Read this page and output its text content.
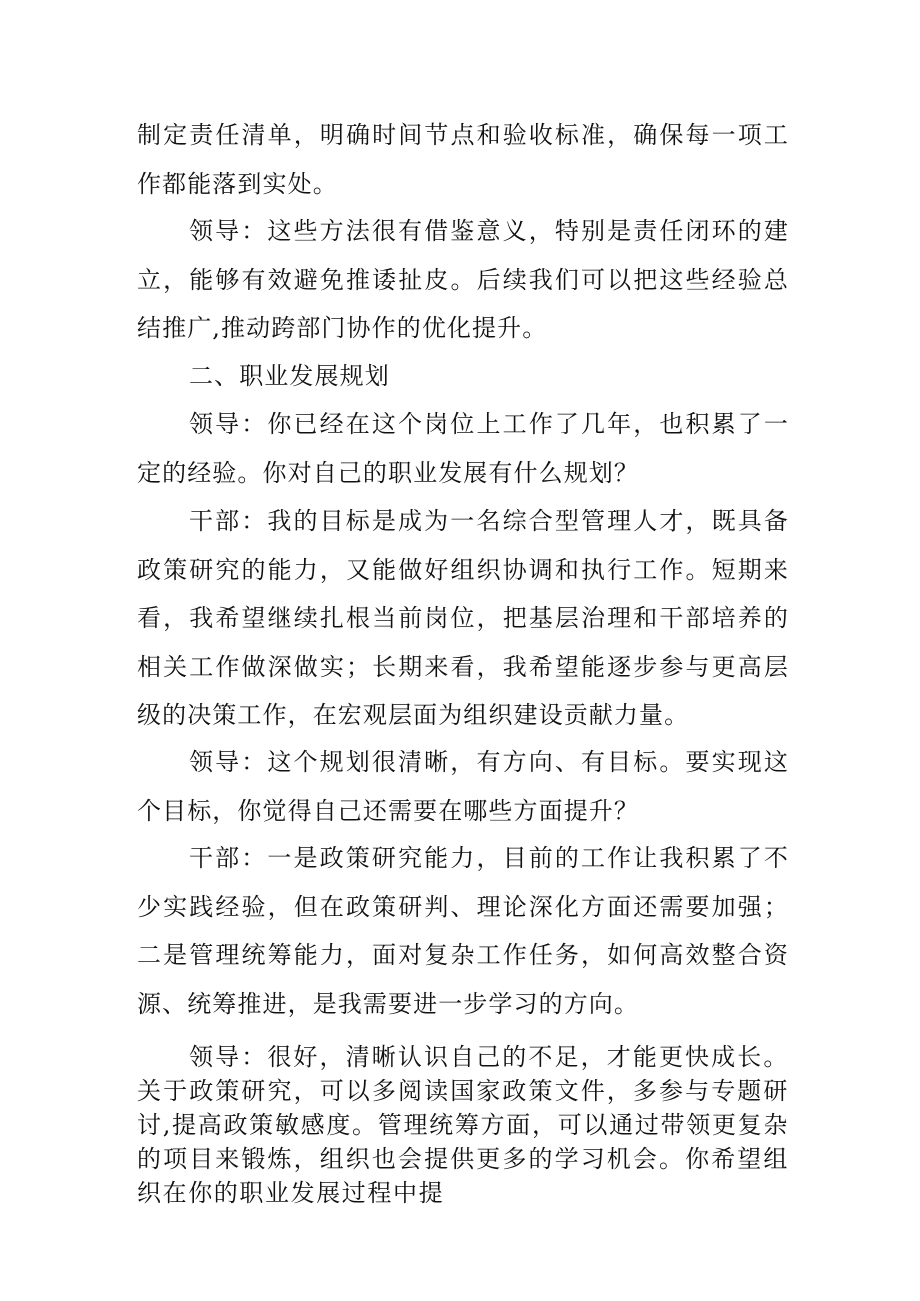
制定责任清单，明确时间节点和验收标准，确保每一项工作都能落到实处。

领导：这些方法很有借鉴意义，特别是责任闭环的建立，能够有效避免推诿扯皮。后续我们可以把这些经验总结推广,推动跨部门协作的优化提升。

二、职业发展规划

领导：你已经在这个岗位上工作了几年，也积累了一定的经验。你对自己的职业发展有什么规划？

干部：我的目标是成为一名综合型管理人才，既具备政策研究的能力，又能做好组织协调和执行工作。短期来看，我希望继续扎根当前岗位，把基层治理和干部培养的相关工作做深做实；长期来看，我希望能逐步参与更高层级的决策工作，在宏观层面为组织建设贡献力量。

领导：这个规划很清晰，有方向、有目标。要实现这个目标，你觉得自己还需要在哪些方面提升？

干部：一是政策研究能力，目前的工作让我积累了不少实践经验，但在政策研判、理论深化方面还需要加强；二是管理统筹能力，面对复杂工作任务，如何高效整合资源、统筹推进，是我需要进一步学习的方向。

领导：很好，清晰认识自己的不足，才能更快成长。关于政策研究，可以多阅读国家政策文件，多参与专题研讨,提高政策敏感度。管理统筹方面，可以通过带领更复杂的项目来锻炼，组织也会提供更多的学习机会。你希望组织在你的职业发展过程中提
